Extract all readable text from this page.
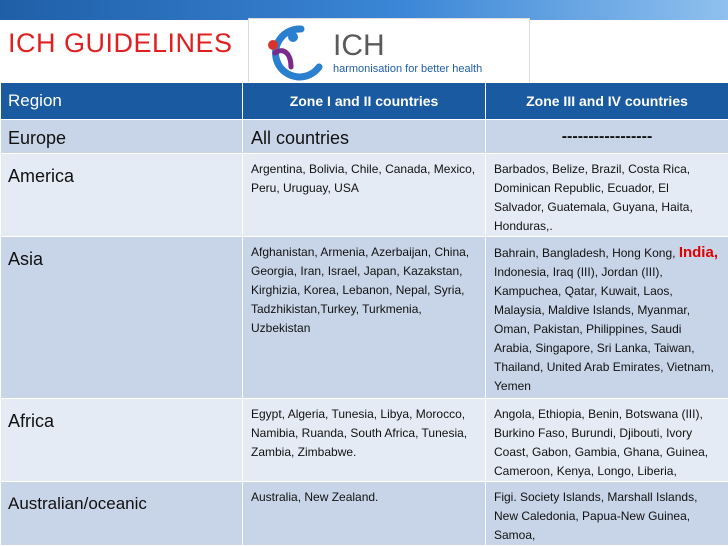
ICH GUIDELINES	ICH
harmonisation for better health
Region	Zone I and II countries	Zone III and IV countries
Europe	All countries	-----------------
America	Argentina, Bolivia, Chile, Canada, Mexico, Peru, Uruguay, USA	Barbados, Belize, Brazil, Costa Rica, Dominican Republic, Ecuador, El Salvador, Guatemala, Guyana, Haita, Honduras,.
Asia	Afghanistan, Armenia, Azerbaijan, China, Georgia, Iran, Israel, Japan, Kazakstan, Kirghizia, Korea, Lebanon, Nepal, Syria, Tadzhikistan,Turkey, Turkmenia, Uzbekistan	Bahrain, Bangladesh, Hong Kong, India, Indonesia, Iraq (III), Jordan (III), Kampuchea, Qatar, Kuwait, Laos, Malaysia, Maldive Islands, Myanmar, Oman, Pakistan, Philippines, Saudi Arabia, Singapore, Sri Lanka, Taiwan, Thailand, United Arab Emirates, Vietnam, Yemen
Africa	Egypt, Algeria, Tunesia, Libya, Morocco, Namibia, Ruanda, South Africa, Tunesia, Zambia, Zimbabwe.	Angola, Ethiopia, Benin, Botswana (III), Burkino Faso, Burundi, Djibouti, Ivory Coast, Gabon, Gambia, Ghana, Guinea, Cameroon, Kenya, Longo, Liberia,
Australian/oceanic	Australia, New Zealand.	Figi. Society Islands, Marshall Islands, New Caledonia, Papua-New Guinea, Samoa,
